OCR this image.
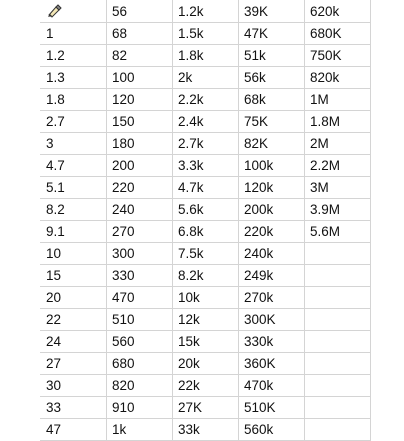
	56	1.2k	39K	620k
1	68	1.5k	47K	680K
1.2	82	1.8k	51k	750K
1.3	100	2k	56k	820k
1.8	120	2.2k	68k	1M
2.7	150	2.4k	75K	1.8M
3	180	2.7k	82K	2M
4.7	200	3.3k	100k	2.2M
5.1	220	4.7k	120k	3M
8.2	240	5.6k	200k	3.9M
9.1	270	6.8k	220k	5.6M
10	300	7.5k	240k	
15	330	8.2k	249k	
20	470	10k	270k	
22	510	12k	300K	
24	560	15k	330k	
27	680	20k	360K	
30	820	22k	470k	
33	910	27K	510K	
47	1k	33k	560k	
